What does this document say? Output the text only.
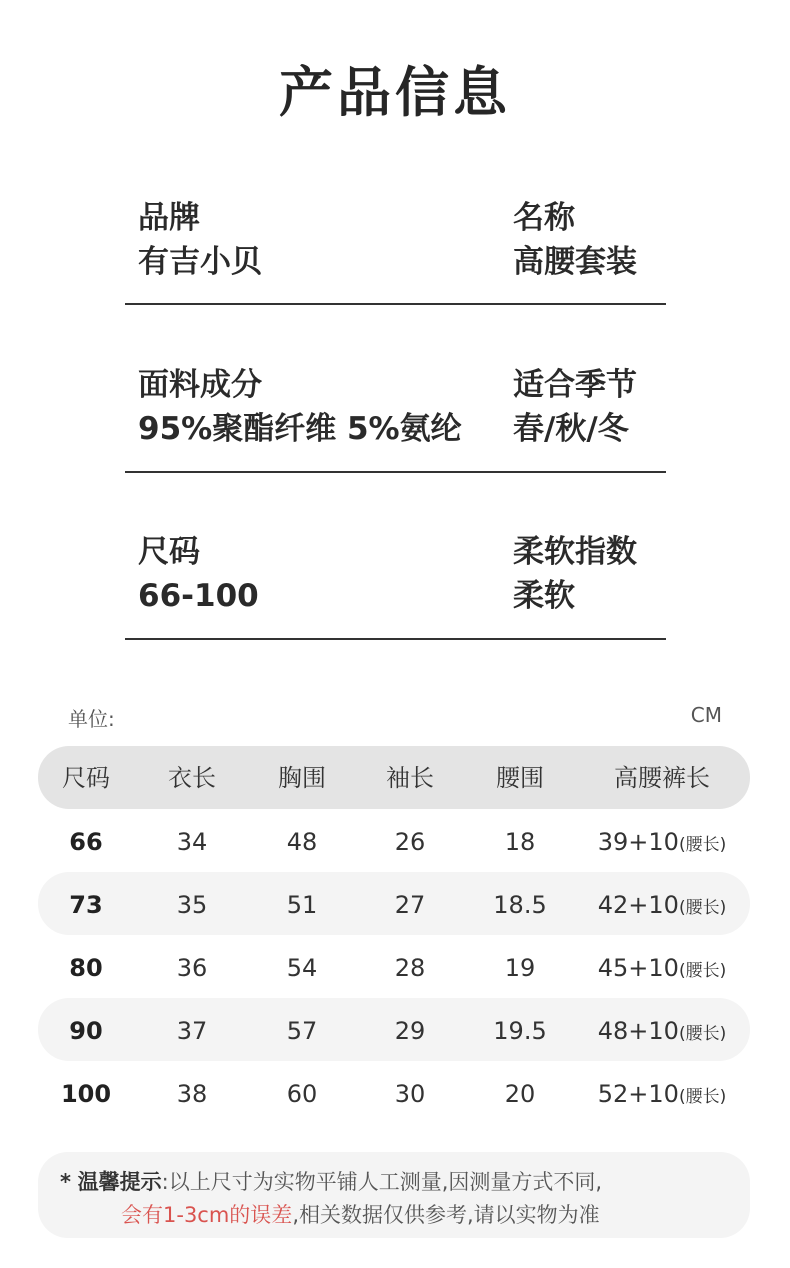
产品信息
品牌
有吉小贝
名称
高腰套装
面料成分
95%聚酯纤维 5%氨纶
适合季节
春/秋/冬
尺码
66-100
柔软指数
柔软
单位:	CM
尺码	衣长	胸围	袖长	腰围	高腰裤长
66	34	48	26	18	39+10(腰长)
73	35	51	27	18.5	42+10(腰长)
80	36	54	28	19	45+10(腰长)
90	37	57	29	19.5	48+10(腰长)
100	38	60	30	20	52+10(腰长)
* 温馨提示:以上尺寸为实物平铺人工测量,因测量方式不同,
会有1-3cm的误差,相关数据仅供参考,请以实物为准
